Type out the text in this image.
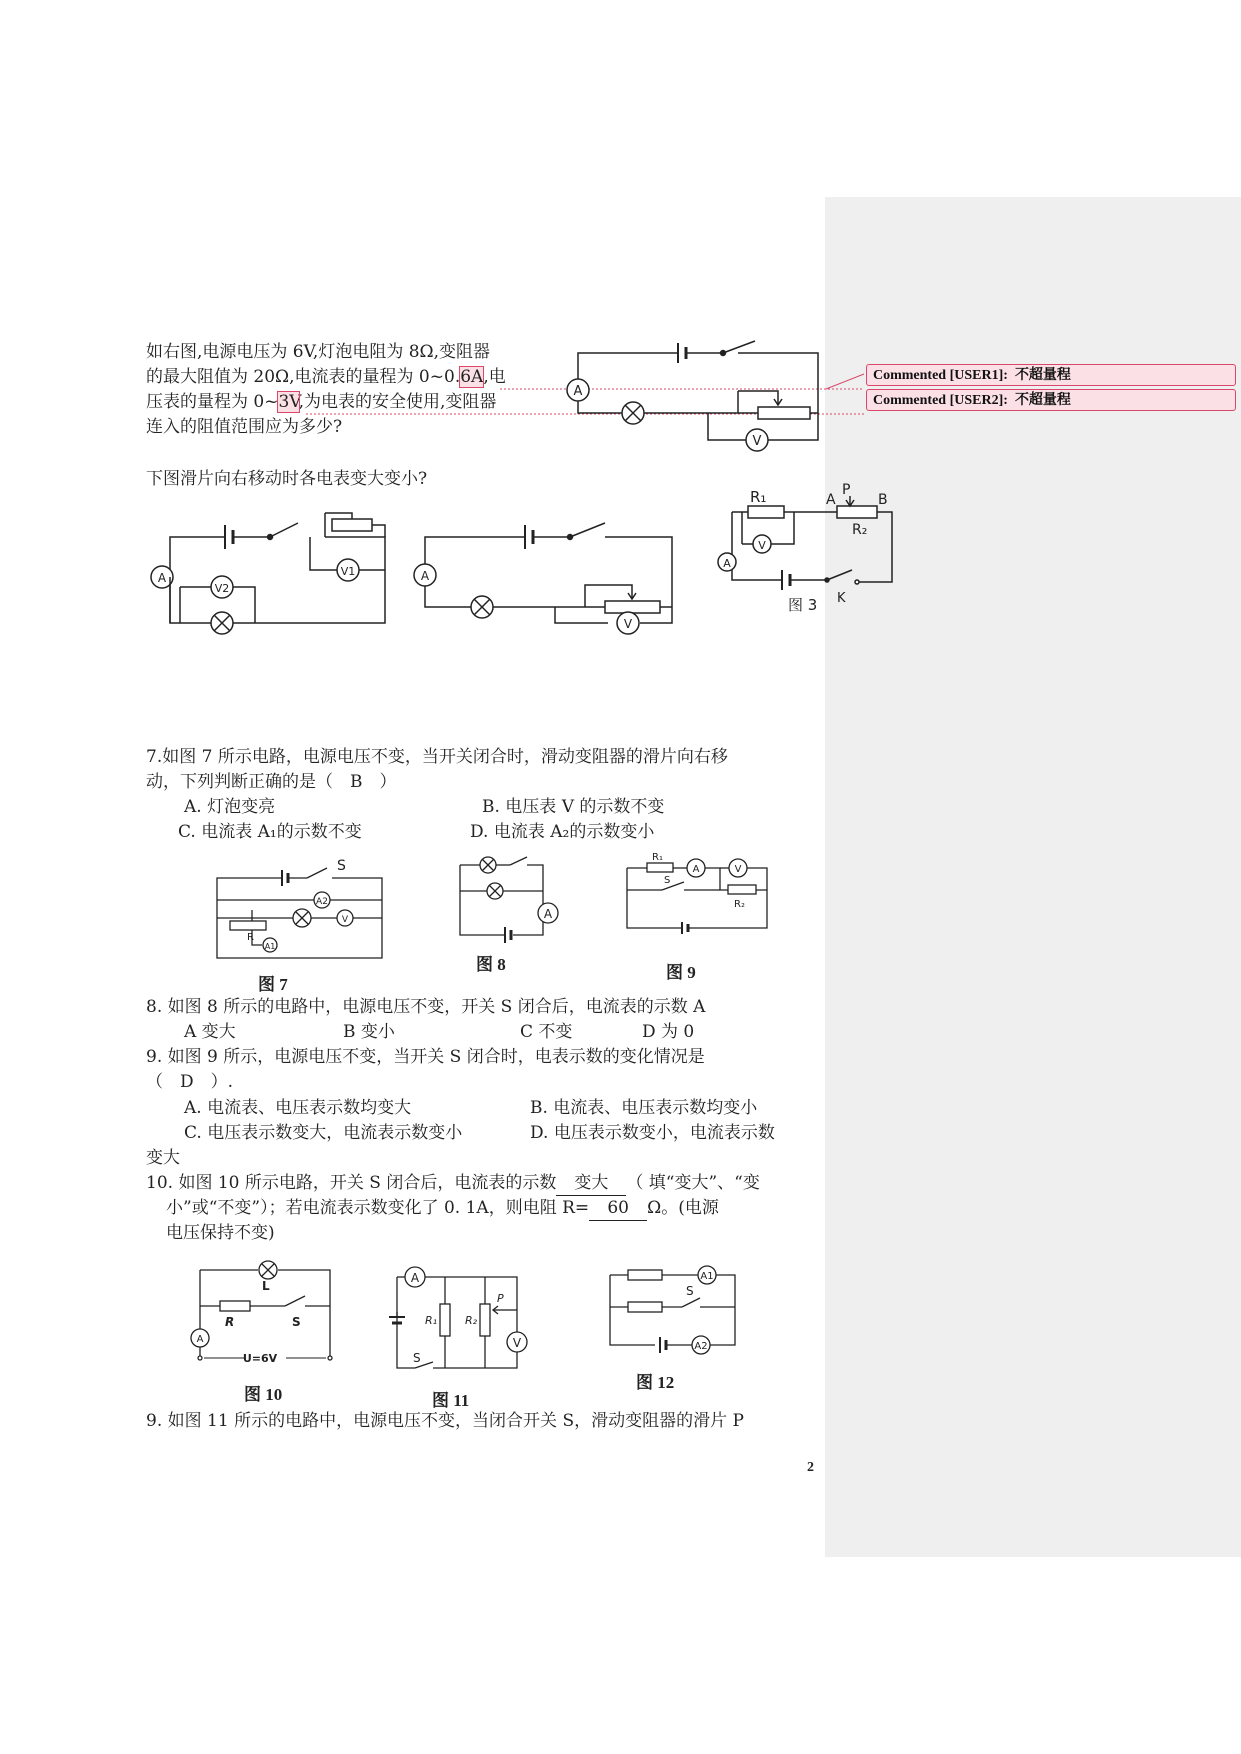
Commented [USER1]: 不超量程
Commented [USER2]: 不超量程
如右图,电源电压为 6V,灯泡电阻为 8Ω,变阻器
的最大阻值为 20Ω,电流表的量程为 0~0.6A,电
压表的量程为 0~3V,为电表的安全使用,变阻器
连入的阻值范围应为多少?
A
V
下图滑片向右移动时各电表变大变小?
A	V1
V2
A
V
V
A
R₁	A
P
B
R₂
K
图 3
7.如图 7 所示电路，电源电压不变，当开关闭合时，滑动变阻器的滑片向右移
动，下列判断正确的是（　B　）
A. 灯泡变亮	B. 电压表 V 的示数不变
C. 电流表 A₁的示数不变	D. 电流表 A₂的示数变小
A2
V
A1
S
R
图 7
A
图 8
A	V
R₁
S
R₂
图 9
8. 如图 8 所示的电路中，电源电压不变，开关 S 闭合后，电流表的示数 A
A 变大	B 变小	C 不变	D 为 0
9. 如图 9 所示，电源电压不变，当开关 S 闭合时，电表示数的变化情况是
（　D　）.
A. 电流表、电压表示数均变大	B. 电流表、电压表示数均变小
C. 电压表示数变大，电流表示数变小	D. 电压表示数变小，电流表示数
变大
10. 如图 10 所示电路，开关 S 闭合后，电流表的示数 变大 （ 填“变大”、“变
小”或“不变”）；若电流表示数变化了 0. 1A，则电阻 R= 60 Ω。(电源
电压保持不变)
A
U=6V
L
R	S
图 10
A
V
R₁	R₂
P
S
图 11
A1
A2
S
图 12
9. 如图 11 所示的电路中，电源电压不变，当闭合开关 S，滑动变阻器的滑片 P
2
